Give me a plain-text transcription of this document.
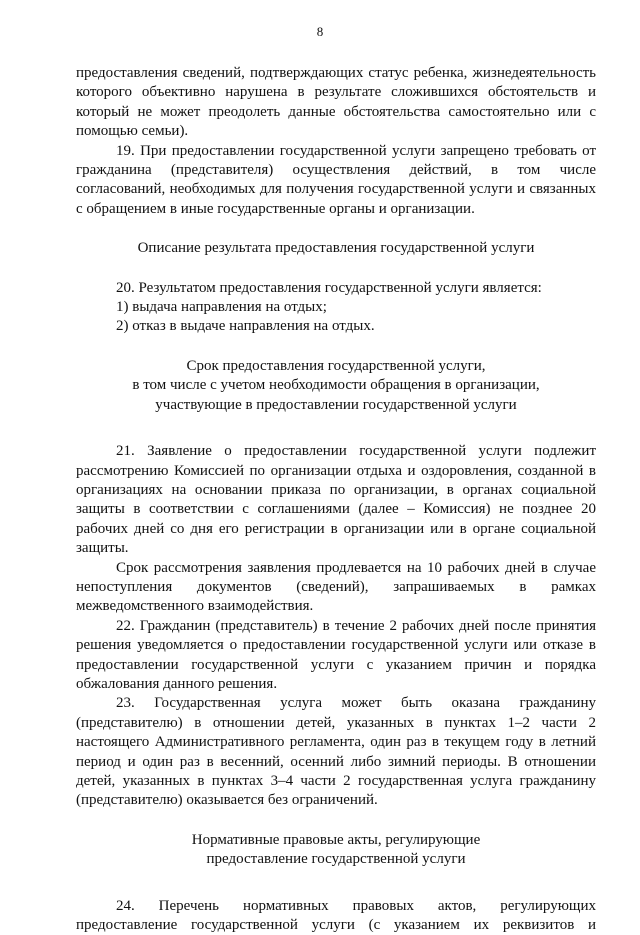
8

предоставления сведений, подтверждающих статус ребенка, жизнедеятельность которого объективно нарушена в результате сложившихся обстоятельств и который не может преодолеть данные обстоятельства самостоятельно или с помощью семьи).

19. При предоставлении государственной услуги запрещено требовать от гражданина (представителя) осуществления действий, в том числе согласований, необходимых для получения государственной услуги и связанных с обращением в иные государственные органы и организации.

Описание результата предоставления государственной услуги

20. Результатом предоставления государственной услуги является:

1) выдача направления на отдых;

2) отказ в выдаче направления на отдых.

Срок предоставления государственной услуги,
в том числе с учетом необходимости обращения в организации,
участвующие в предоставлении государственной услуги

21. Заявление о предоставлении государственной услуги подлежит рассмотрению Комиссией по организации отдыха и оздоровления, созданной в организациях на основании приказа по организации, в органах социальной защиты в соответствии с соглашениями (далее – Комиссия) не позднее 20 рабочих дней со дня его регистрации в организации или в органе социальной защиты.

Срок рассмотрения заявления продлевается на 10 рабочих дней в случае непоступления документов (сведений), запрашиваемых в рамках межведомственного взаимодействия.

22. Гражданин (представитель) в течение 2 рабочих дней после принятия решения уведомляется о предоставлении государственной услуги или отказе в предоставлении государственной услуги с указанием причин и порядка обжалования данного решения.

23. Государственная услуга может быть оказана гражданину (представителю) в отношении детей, указанных в пунктах 1–2 части 2 настоящего Административного регламента, один раз в текущем году в летний период и один раз в весенний, осенний либо зимний периоды. В отношении детей, указанных в пунктах 3–4 части 2 государственная услуга гражданину (представителю) оказывается без ограничений.

Нормативные правовые акты, регулирующие
предоставление государственной услуги

24. Перечень нормативных правовых актов, регулирующих предоставление государственной услуги (с указанием их реквизитов и
